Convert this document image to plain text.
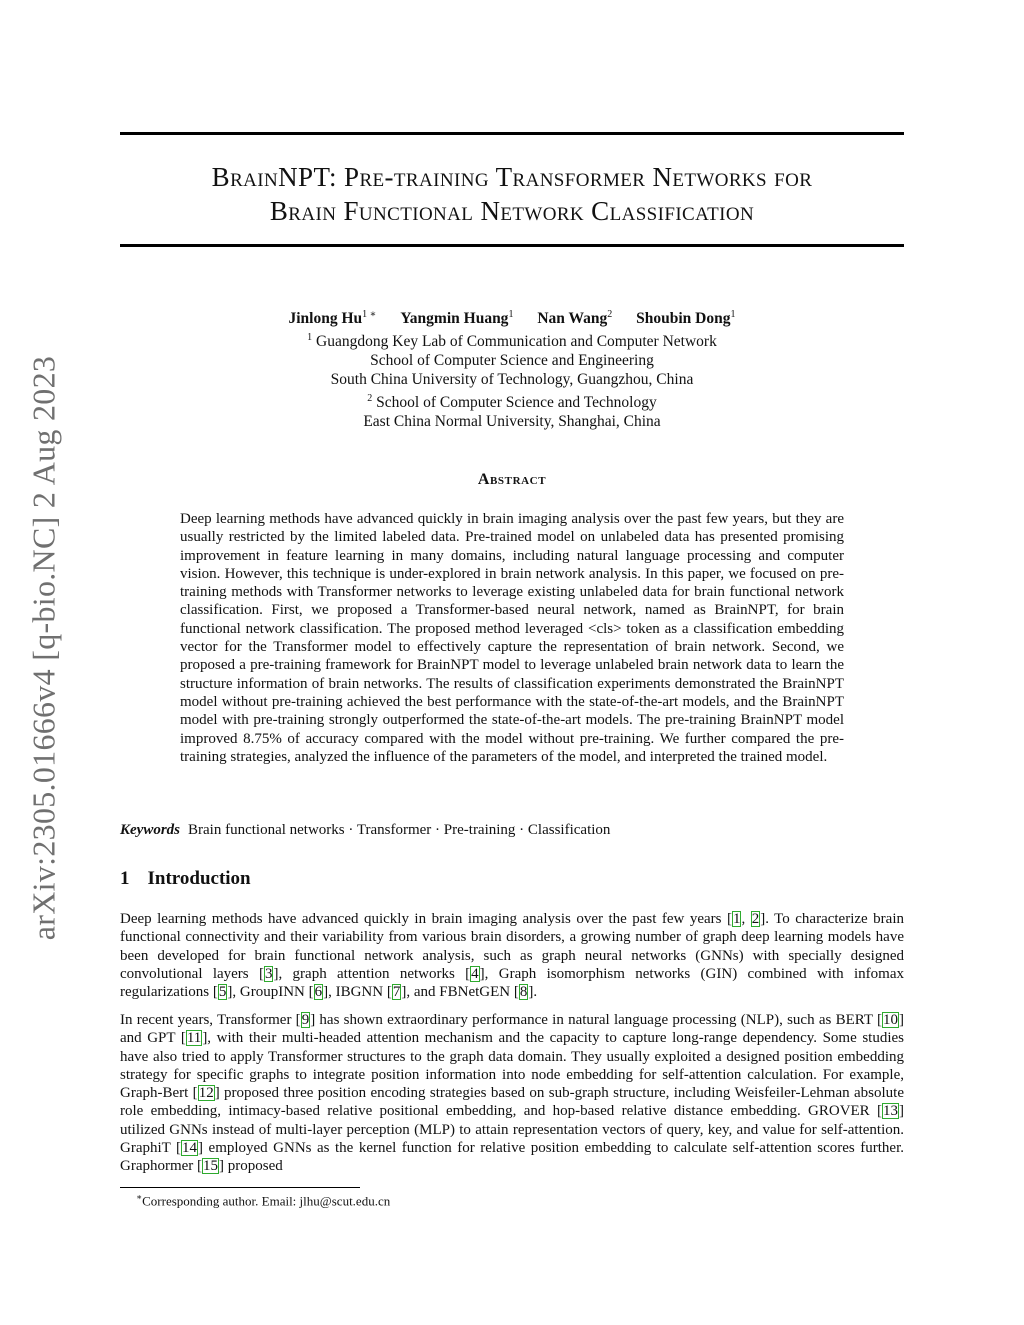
arXiv:2305.01666v4 [q-bio.NC] 2 Aug 2023
BrainNPT: Pre-training Transformer Networks for
Brain Functional Network Classification
Jinlong $Hu^{1 ∗}$ Yangmin Huang$^1$ Nan Wang$^2$ Shoubin Dong$^1$
$^1$ Guangdong Key Lab of Communication and Computer Network
School of Computer Science and Engineering
South China University of Technology, Guangzhou, China
$^2$ School of Computer Science and Technology
East China Normal University, Shanghai, China
Abstract
Deep learning methods have advanced quickly in brain imaging analysis over the past few years, but they are usually restricted by the limited labeled data. Pre-trained model on unlabeled data has presented promising improvement in feature learning in many domains, including natural language processing and computer vision. However, this technique is under-explored in brain network analysis. In this paper, we focused on pre-training methods with Transformer networks to leverage existing unlabeled data for brain functional network classification. First, we proposed a Transformer-based neural network, named as BrainNPT, for brain functional network classification. The proposed method leveraged <cls> token as a classification embedding vector for the Transformer model to effectively capture the representation of brain network. Second, we proposed a pre-training framework for BrainNPT model to leverage unlabeled brain network data to learn the structure information of brain networks. The results of classification experiments demonstrated the BrainNPT model without pre-training achieved the best performance with the state-of-the-art models, and the BrainNPT model with pre-training strongly outperformed the state-of-the-art models. The pre-training BrainNPT model improved 8.75% of accuracy compared with the model without pre-training. We further compared the pre-training strategies, analyzed the influence of the parameters of the model, and interpreted the trained model.
Keywords Brain functional networks · Transformer · Pre-training · Classification
1 Introduction
Deep learning methods have advanced quickly in brain imaging analysis over the past few years [1, 2]. To characterize brain functional connectivity and their variability from various brain disorders, a growing number of graph deep learning models have been developed for brain functional network analysis, such as graph neural networks (GNNs) with specially designed convolutional layers [3], graph attention networks [4], Graph isomorphism networks (GIN) combined with infomax regularizations [5], GroupINN [6], IBGNN [7], and FBNetGEN [8].
In recent years, Transformer [9] has shown extraordinary performance in natural language processing (NLP), such as BERT [10] and GPT [11], with their multi-headed attention mechanism and the capacity to capture long-range dependency. Some studies have also tried to apply Transformer structures to the graph data domain. They usually exploited a designed position embedding strategy for specific graphs to integrate position information into node embedding for self-attention calculation. For example, Graph-Bert [12] proposed three position encoding strategies based on sub-graph structure, including Weisfeiler-Lehman absolute role embedding, intimacy-based relative positional embedding, and hop-based relative distance embedding. GROVER [13] utilized GNNs instead of multi-layer perception (MLP) to attain representation vectors of query, key, and value for self-attention. GraphiT [14] employed GNNs as the kernel function for relative position embedding to calculate self-attention scores further. Graphormer [15] proposed
∗Corresponding author. Email: jlhu@scut.edu.cn
